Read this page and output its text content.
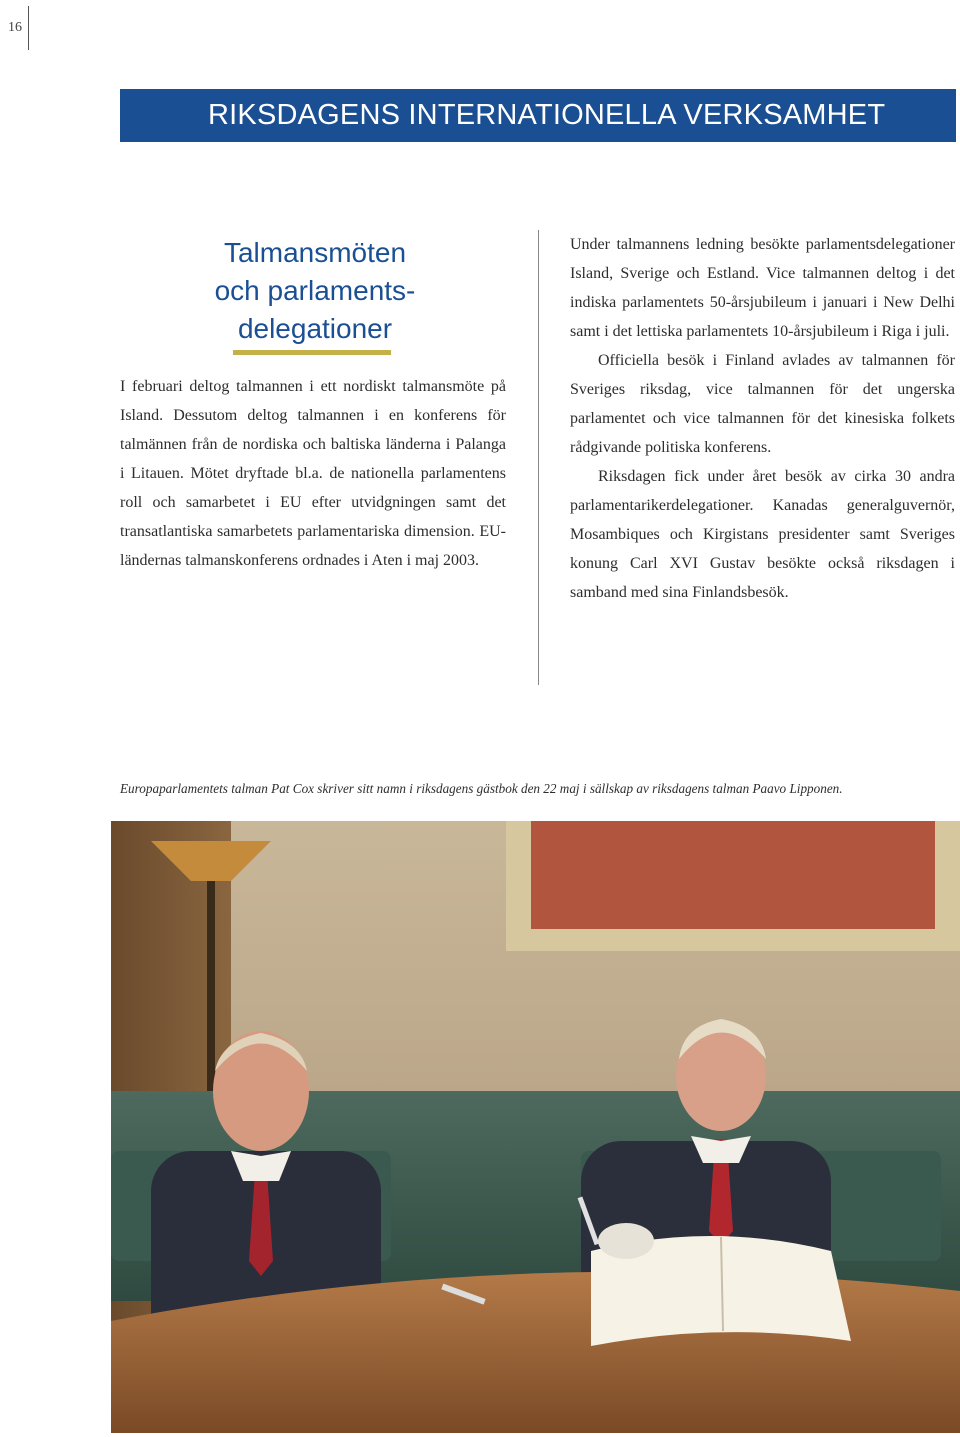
16
RIKSDAGENS INTERNATIONELLA VERKSAMHET
Talmansmöten
och parlaments-
delegationer

I februari deltog talmannen i ett nordiskt talmansmöte på Island. Dessutom deltog talmannen i en konferens för talmännen från de nordiska och baltiska länderna i Palanga i Litauen. Mötet dryftade bl.a. de nationella parlamentens roll och samarbetet i EU efter utvidgningen samt det transatlantiska samarbetets parlamentariska dimension. EU-ländernas talmanskonferens ordnades i Aten i maj 2003.

Under talmannens ledning besökte parlamentsdelegationer Island, Sverige och Estland. Vice talmannen deltog i det indiska parlamentets 50-årsjubileum i januari i New Delhi samt i det lettiska parlamentets 10-årsjubileum i Riga i juli.

Officiella besök i Finland avlades av talmannen för Sveriges riksdag, vice talmannen för det ungerska parlamentet och vice talmannen för det kinesiska folkets rådgivande politiska konferens.

Riksdagen fick under året besök av cirka 30 andra parlamentarikerdelegationer. Kanadas generalguvernör, Mosambiques och Kirgistans presidenter samt Sveriges konung Carl XVI Gustav besökte också riksdagen i samband med sina Finlandsbesök.

Europaparlamentets talman Pat Cox skriver sitt namn i riksdagens gästbok den 22 maj i sällskap av riksdagens talman Paavo Lipponen.
